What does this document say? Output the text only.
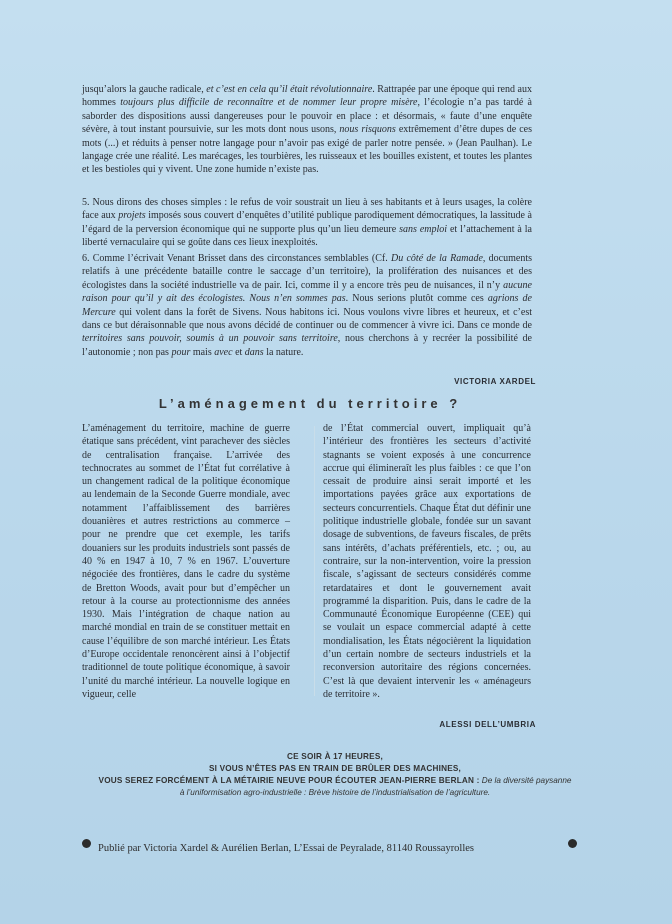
jusqu’alors la gauche radicale, et c’est en cela qu’il était révolutionnaire. Rattrapée par une époque qui rend aux hommes toujours plus difficile de reconnaître et de nommer leur propre misère, l’écologie n’a pas tardé à saborder des dispositions aussi dangereuses pour le pouvoir en place : et désormais, « faute d’une enquête sévère, à tout instant poursuivie, sur les mots dont nous usons, nous risquons extrêmement d’être dupes de ces mots (...) et réduits à penser notre langage pour n’avoir pas exigé de parler notre pensée. » (Jean Paulhan). Le langage crée une réalité. Les marécages, les tourbières, les ruisseaux et les bouilles existent, et toutes les plantes et les bestioles qui y vivent. Une zone humide n’existe pas.

5. Nous dirons des choses simples : le refus de voir soustrait un lieu à ses habitants et à leurs usages, la colère face aux projets imposés sous couvert d’enquêtes d’utilité publique parodiquement démocratiques, la lassitude à l’égard de la perversion économique qui ne supporte plus qu’un lieu demeure sans emploi et l’attachement à la liberté vernaculaire qui se goûte dans ces lieux inexploités.

6. Comme l’écrivait Venant Brisset dans des circonstances semblables (Cf. Du côté de la Ramade, documents relatifs à une précédente bataille contre le saccage d’un territoire), la prolifération des nuisances et des écologistes dans la société industrielle va de pair. Ici, comme il y a encore très peu de nuisances, il n’y aucune raison pour qu’il y ait des écologistes. Nous n’en sommes pas. Nous serions plutôt comme ces agrions de Mercure qui volent dans la forêt de Sivens. Nous habitons ici. Nous voulons vivre libres et heureux, et c’est dans ce but déraisonnable que nous avons décidé de continuer ou de commencer à vivre ici. Dans ce monde de territoires sans pouvoir, soumis à un pouvoir sans territoire, nous cherchons à y recréer la possibilité de l’autonomie ; non pas pour mais avec et dans la nature.

VICTORIA XARDEL
L’aménagement du territoire ?
L’aménagement du territoire, machine de guerre étatique sans précédent, vint parachever des siècles de centralisation française. L’arrivée des technocrates au sommet de l’État fut corrélative à un changement radical de la politique économique au lendemain de la Seconde Guerre mondiale, avec notamment l’affaiblissement des barrières douanières et autres restrictions au commerce – pour ne prendre que cet exemple, les tarifs douaniers sur les produits industriels sont passés de 40 % en 1947 à 10, 7 % en 1967. L’ouverture négociée des frontières, dans le cadre du système de Bretton Woods, avait pour but d’empêcher un retour à la course au protectionnisme des années 1930. Mais l’intégration de chaque nation au marché mondial en train de se constituer mettait en cause l’équilibre de son marché intérieur. Les États d’Europe occidentale renoncèrent ainsi à l’objectif traditionnel de toute politique économique, à savoir l’unité du marché intérieur. La nouvelle logique en vigueur, celle
de l’État commercial ouvert, impliquait qu’à l’intérieur des frontières les secteurs d’activité stagnants se voient exposés à une concurrence accrue qui élimineraît les plus faibles : ce que l’on cessait de produire ainsi serait importé et les importations payées grâce aux exportations de secteurs concurrentiels. Chaque État dut définir une politique industrielle globale, fondée sur un savant dosage de subventions, de faveurs fiscales, de prêts sans intérêts, d’achats préférentiels, etc. ; ou, au contraire, sur la non-intervention, voire la pression fiscale, s’agissant de secteurs considérés comme retardataires et dont le gouvernement avait programmé la disparition. Puis, dans le cadre de la Communauté Économique Européenne (CEE) qui se voulait un espace commercial adapté à cette mondialisation, les États négocièrent la liquidation d’un certain nombre de secteurs industriels et la reconversion autoritaire des régions concernées. C’est là que devaient intervenir les « aménageurs de territoire ».
ALESSI DELL’UMBRIA
CE SOIR À 17 HEURES,
SI VOUS N’ÊTES PAS EN TRAIN DE BRÛLER DES MACHINES,
VOUS SEREZ FORCÉMENT À LA MÉTAIRIE NEUVE POUR ÉCOUTER JEAN-PIERRE BERLAN : De la diversité paysanne
à l’uniformisation agro-industrielle : Brève histoire de l’industrialisation de l’agriculture.
Publié par Victoria Xardel & Aurélien Berlan, L’Essai de Peyralade, 81140 Roussayrolles
